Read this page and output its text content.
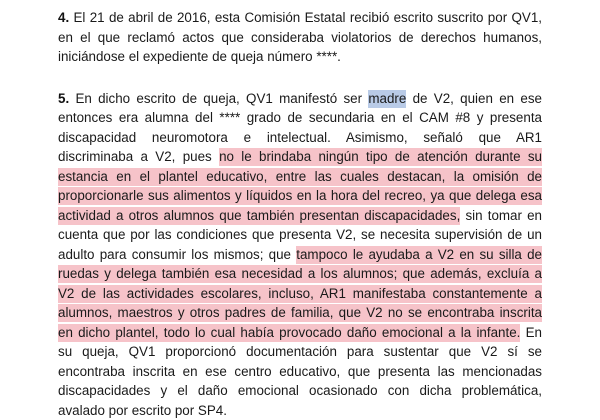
4. El 21 de abril de 2016, esta Comisión Estatal recibió escrito suscrito por QV1,
en el que reclamó actos que consideraba violatorios de derechos humanos,
iniciándose el expediente de queja número ****.
5. En dicho escrito de queja, QV1 manifestó ser madre de V2, quien en ese
entonces era alumna del **** grado de secundaria en el CAM #8 y presenta
discapacidad neuromotora e intelectual. Asimismo, señaló que AR1
discriminaba a V2, pues no le brindaba ningún tipo de atención durante su
estancia en el plantel educativo, entre las cuales destacan, la omisión de
proporcionarle sus alimentos y líquidos en la hora del recreo, ya que delega esa
actividad a otros alumnos que también presentan discapacidades, sin tomar en
cuenta que por las condiciones que presenta V2, se necesita supervisión de un
adulto para consumir los mismos; que tampoco le ayudaba a V2 en su silla de
ruedas y delega también esa necesidad a los alumnos; que además, excluía a
V2 de las actividades escolares, incluso, AR1 manifestaba constantemente a
alumnos, maestros y otros padres de familia, que V2 no se encontraba inscrita
en dicho plantel, todo lo cual había provocado daño emocional a la infante. En
su queja, QV1 proporcionó documentación para sustentar que V2 sí se
encontraba inscrita en ese centro educativo, que presenta las mencionadas
discapacidades y el daño emocional ocasionado con dicha problemática,
avalado por escrito por SP4.
